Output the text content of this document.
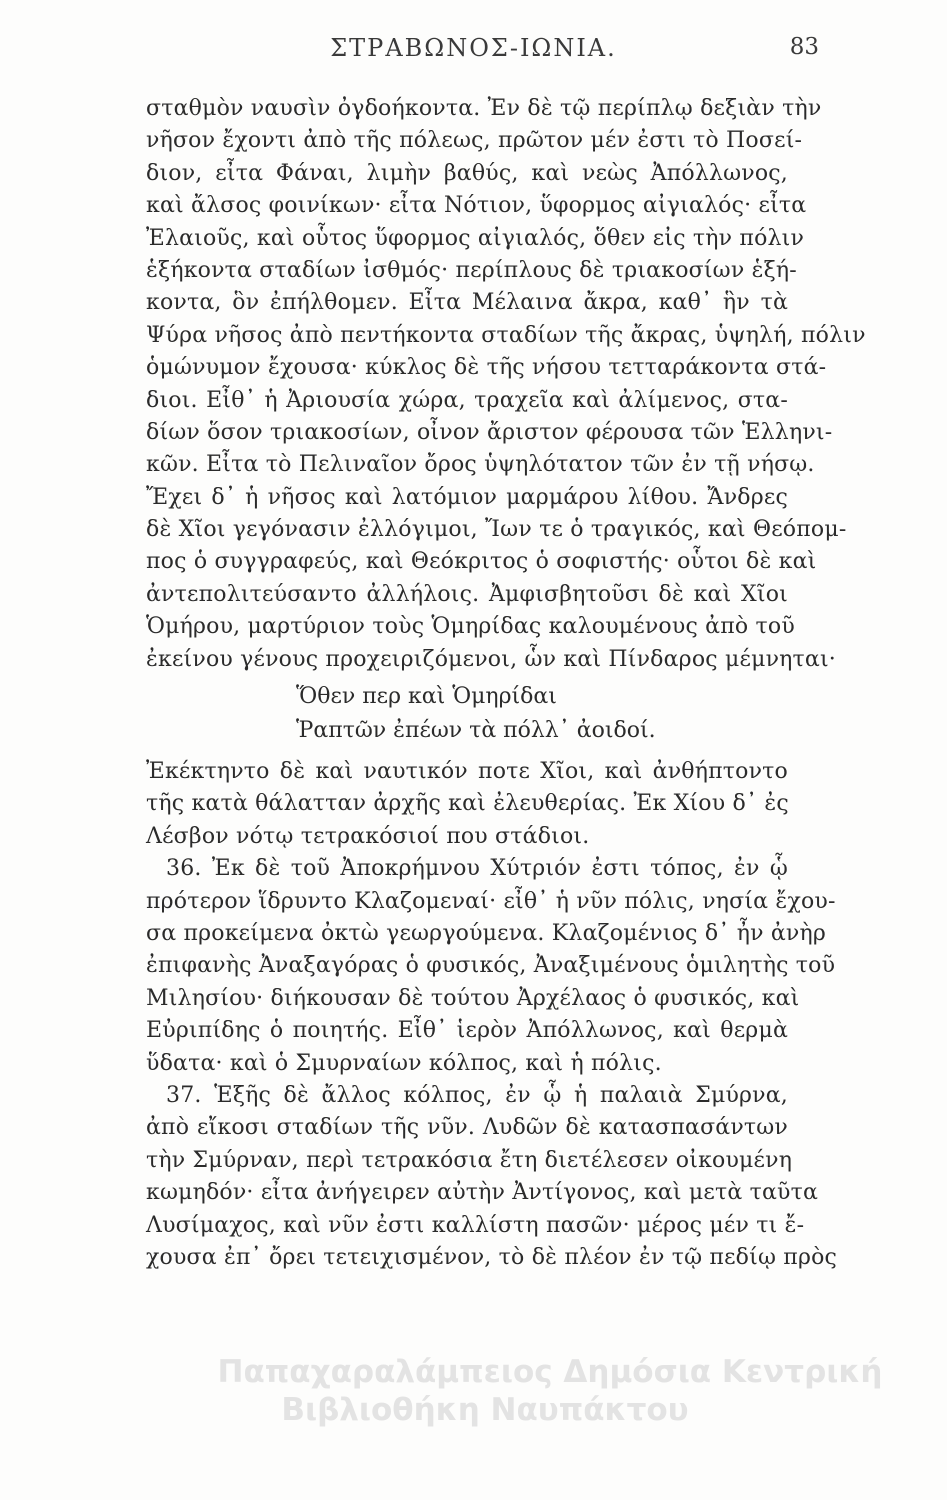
ΣΤΡΑΒΩΝΟΣ-ΙΩΝΙΑ.	83
σταθμὸν ναυσὶν ὀγδοήκοντα. Ἐν δὲ τῷ περίπλῳ δεξιὰν τὴν
νῆσον ἔχοντι ἀπὸ τῆς πόλεως, πρῶτον μέν ἐστι τὸ Ποσεί-
διον, εἶτα Φάναι, λιμὴν βαθύς, καὶ νεὼς Ἀπόλλωνος,
καὶ ἄλσος φοινίκων· εἶτα Νότιον, ὕφορμος αἰγιαλός· εἶτα
Ἐλαιοῦς, καὶ οὗτος ὕφορμος αἰγιαλός, ὅθεν εἰς τὴν πόλιν
ἑξήκοντα σταδίων ἰσθμός· περίπλους δὲ τριακοσίων ἑξή-
κοντα, ὃν ἐπήλθομεν. Εἶτα Μέλαινα ἄκρα, καθ᾽ ἣν τὰ
Ψύρα νῆσος ἀπὸ πεντήκοντα σταδίων τῆς ἄκρας, ὑψηλή, πόλιν
ὁμώνυμον ἔχουσα· κύκλος δὲ τῆς νήσου τετταράκοντα στά-
διοι. Εἶθ᾽ ἡ Ἀριουσία χώρα, τραχεῖα καὶ ἀλίμενος, στα-
δίων ὅσον τριακοσίων, οἶνον ἄριστον φέρουσα τῶν Ἑλληνι-
κῶν. Εἶτα τὸ Πελιναῖον ὄρος ὑψηλότατον τῶν ἐν τῇ νήσῳ.
Ἔχει δ᾽ ἡ νῆσος καὶ λατόμιον μαρμάρου λίθου. Ἄνδρες
δὲ Χῖοι γεγόνασιν ἐλλόγιμοι, Ἴων τε ὁ τραγικός, καὶ Θεόπομ-
πος ὁ συγγραφεύς, καὶ Θεόκριτος ὁ σοφιστής· οὗτοι δὲ καὶ
ἀντεπολιτεύσαντο ἀλλήλοις. Ἀμφισβητοῦσι δὲ καὶ Χῖοι
Ὁμήρου, μαρτύριον τοὺς Ὁμηρίδας καλουμένους ἀπὸ τοῦ
ἐκείνου γένους προχειριζόμενοι, ὧν καὶ Πίνδαρος μέμνηται·
Ὅθεν περ καὶ Ὁμηρίδαι
Ῥαπτῶν ἐπέων τὰ πόλλ᾽ ἀοιδοί.
Ἐκέκτηντο δὲ καὶ ναυτικόν ποτε Χῖοι, καὶ ἀνθήπτοντο
τῆς κατὰ θάλατταν ἀρχῆς καὶ ἐλευθερίας. Ἐκ Χίου δ᾽ ἐς
Λέσβον νότῳ τετρακόσιοί που στάδιοι.
36. Ἐκ δὲ τοῦ Ἀποκρήμνου Χύτριόν ἐστι τόπος, ἐν ᾧ
πρότερον ἵδρυντο Κλαζομεναί· εἶθ᾽ ἡ νῦν πόλις, νησία ἔχου-
σα προκείμενα ὀκτὼ γεωργούμενα. Κλαζομένιος δ᾽ ἦν ἀνὴρ
ἐπιφανὴς Ἀναξαγόρας ὁ φυσικός, Ἀναξιμένους ὁμιλητὴς τοῦ
Μιλησίου· διήκουσαν δὲ τούτου Ἀρχέλαος ὁ φυσικός, καὶ
Εὐριπίδης ὁ ποιητής. Εἶθ᾽ ἱερὸν Ἀπόλλωνος, καὶ θερμὰ
ὕδατα· καὶ ὁ Σμυρναίων κόλπος, καὶ ἡ πόλις.
37. Ἑξῆς δὲ ἄλλος κόλπος, ἐν ᾧ ἡ παλαιὰ Σμύρνα,
ἀπὸ εἴκοσι σταδίων τῆς νῦν. Λυδῶν δὲ κατασπασάντων
τὴν Σμύρναν, περὶ τετρακόσια ἔτη διετέλεσεν οἰκουμένη
κωμηδόν· εἶτα ἀνήγειρεν αὐτὴν Ἀντίγονος, καὶ μετὰ ταῦτα
Λυσίμαχος, καὶ νῦν ἐστι καλλίστη πασῶν· μέρος μέν τι ἔ-
χουσα ἐπ᾽ ὄρει τετειχισμένον, τὸ δὲ πλέον ἐν τῷ πεδίῳ πρὸς
Παπαχαραλάμπειος Δημόσια Κεντρική
Βιβλιοθήκη Ναυπάκτου
